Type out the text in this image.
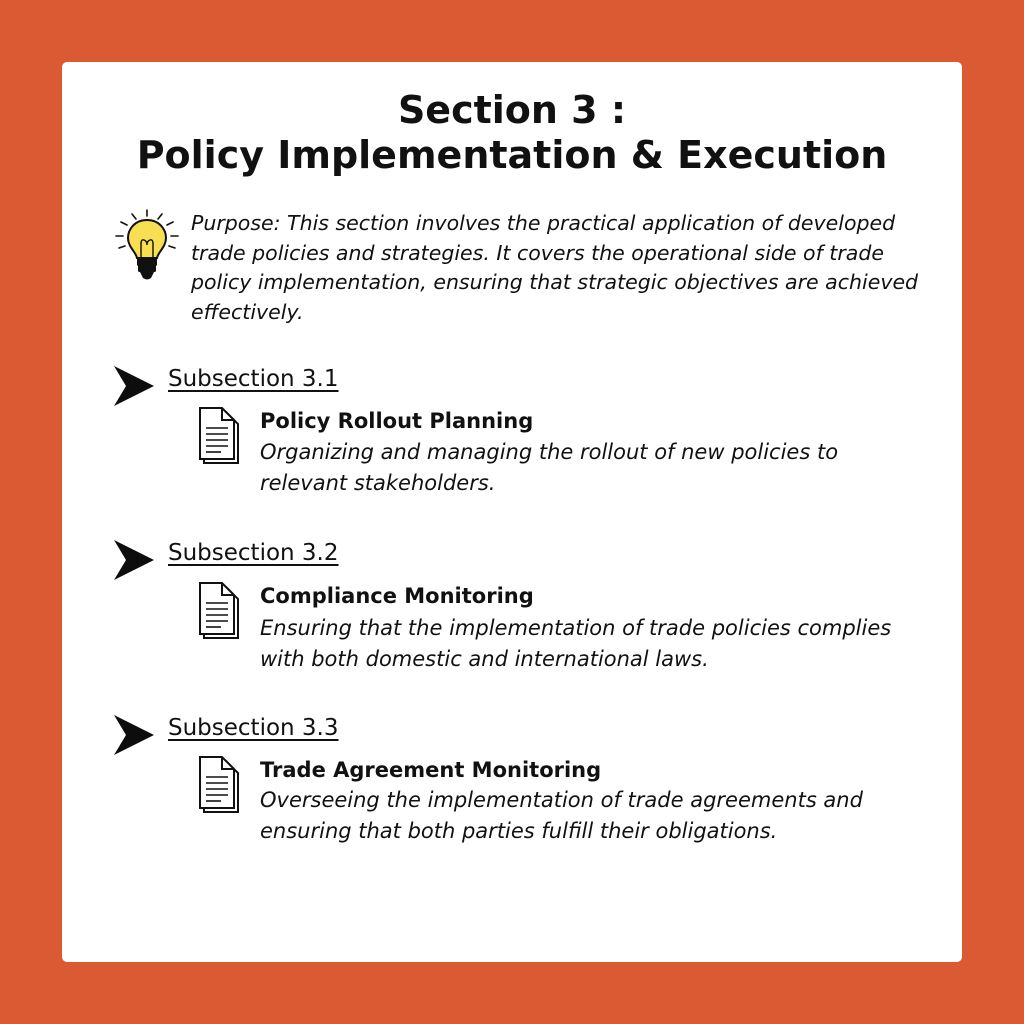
Section 3 :
Policy Implementation & Execution

Purpose: This section involves the practical application of developed trade policies and strategies. It covers the operational side of trade policy implementation, ensuring that strategic objectives are achieved effectively.

Subsection 3.1

Policy Rollout Planning

Organizing and managing the rollout of new policies to relevant stakeholders.

Subsection 3.2

Compliance Monitoring

Ensuring that the implementation of trade policies complies with both domestic and international laws.

Subsection 3.3

Trade Agreement Monitoring

Overseeing the implementation of trade agreements and ensuring that both parties fulfill their obligations.
